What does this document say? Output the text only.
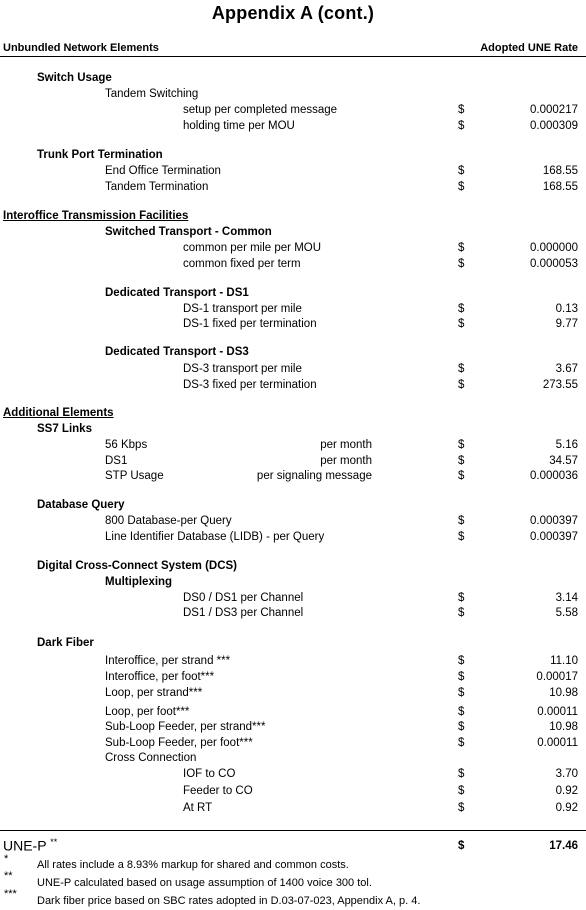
Appendix A (cont.)
Unbundled Network Elements	Adopted UNE Rate
Switch Usage
Tandem Switching
setup per completed message	$	0.000217
holding time per MOU	$	0.000309
Trunk Port Termination
End Office Termination	$	168.55
Tandem Termination	$	168.55
Interoffice Transmission Facilities
Switched Transport - Common
common per mile per MOU	$	0.000000
common fixed per term	$	0.000053
Dedicated Transport - DS1
DS-1 transport per mile	$	0.13
DS-1 fixed per termination	$	9.77
Dedicated Transport - DS3
DS-3 transport per mile	$	3.67
DS-3 fixed per termination	$	273.55
Additional Elements
SS7 Links
56 Kbps	per month	$	5.16
DS1	per month	$	34.57
STP Usage	per signaling message	$	0.000036
Database Query
800 Database-per Query	$	0.000397
Line Identifier Database (LIDB) - per Query	$	0.000397
Digital Cross-Connect System (DCS)
Multiplexing
DS0 / DS1 per Channel	$	3.14
DS1 / DS3 per Channel	$	5.58
Dark Fiber
Interoffice, per strand ***	$	11.10
Interoffice, per foot***	$	0.00017
Loop, per strand***	$	10.98
Loop, per foot***	$	0.00011
Sub-Loop Feeder, per strand***	$	10.98
Sub-Loop Feeder, per foot***	$	0.00011
Cross Connection
IOF to CO	$	3.70
Feeder to CO	$	0.92
At RT	$	0.92
UNE-P **	$	17.46
*	All rates include a 8.93% markup for shared and common costs.
**
UNE-P calculated based on usage assumption of 1400 voice 300 tol.
***
Dark fiber price based on SBC rates adopted in D.03-07-023, Appendix A, p. 4.
